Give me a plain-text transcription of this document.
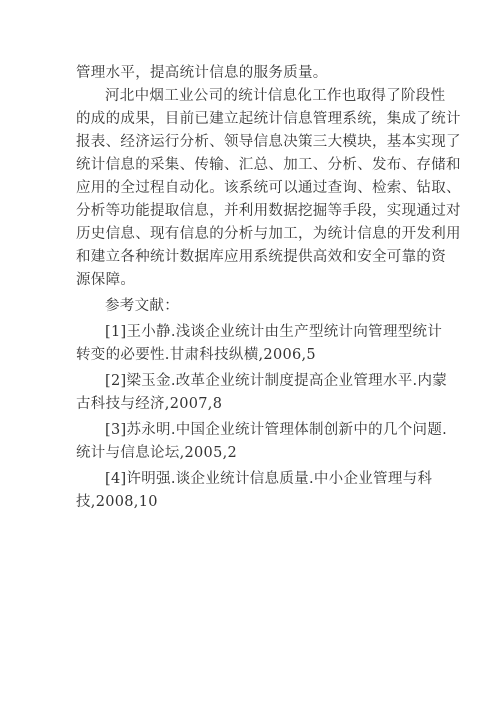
管理水平，提高统计信息的服务质量。
河北中烟工业公司的统计信息化工作也取得了阶段性
的成的成果，目前已建立起统计信息管理系统，集成了统计
报表、经济运行分析、领导信息决策三大模块，基本实现了
统计信息的采集、传输、汇总、加工、分析、发布、存储和
应用的全过程自动化。该系统可以通过查询、检索、钻取、
分析等功能提取信息，并利用数据挖掘等手段，实现通过对
历史信息、现有信息的分析与加工，为统计信息的开发利用
和建立各种统计数据库应用系统提供高效和安全可靠的资
源保障。
参考文献：
[1]王小静.浅谈企业统计由生产型统计向管理型统计
转变的必要性.甘肃科技纵横,2006,5
[2]梁玉金.改革企业统计制度提高企业管理水平.内蒙
古科技与经济,2007,8
[3]苏永明.中国企业统计管理体制创新中的几个问题.
统计与信息论坛,2005,2
[4]许明强.谈企业统计信息质量.中小企业管理与科
技,2008,10
